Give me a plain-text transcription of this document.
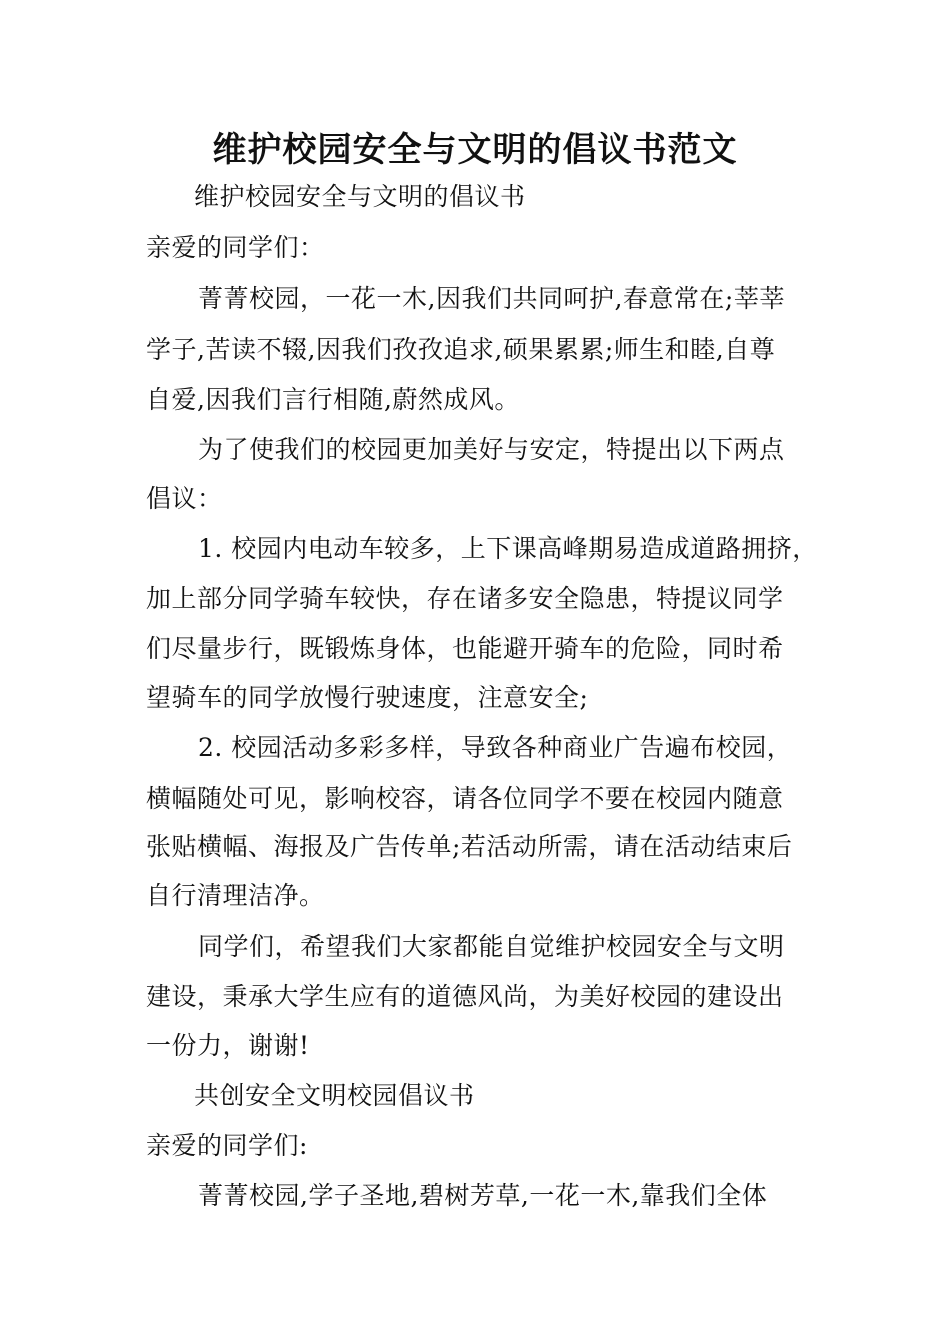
维护校园安全与文明的倡议书范文
维护校园安全与文明的倡议书
亲爱的同学们：
菁菁校园，一花一木,因我们共同呵护,春意常在;莘莘
学子,苦读不辍,因我们孜孜追求,硕果累累;师生和睦,自尊
自爱,因我们言行相随,蔚然成风。
为了使我们的校园更加美好与安定，特提出以下两点
倡议：
1. 校园内电动车较多，上下课高峰期易造成道路拥挤，
加上部分同学骑车较快，存在诸多安全隐患，特提议同学
们尽量步行，既锻炼身体，也能避开骑车的危险，同时希
望骑车的同学放慢行驶速度，注意安全;
2. 校园活动多彩多样，导致各种商业广告遍布校园，
横幅随处可见，影响校容，请各位同学不要在校园内随意
张贴横幅、海报及广告传单;若活动所需，请在活动结束后
自行清理洁净。
同学们，希望我们大家都能自觉维护校园安全与文明
建设，秉承大学生应有的道德风尚，为美好校园的建设出
一份力，谢谢!
共创安全文明校园倡议书
亲爱的同学们:
菁菁校园,学子圣地,碧树芳草,一花一木,靠我们全体
